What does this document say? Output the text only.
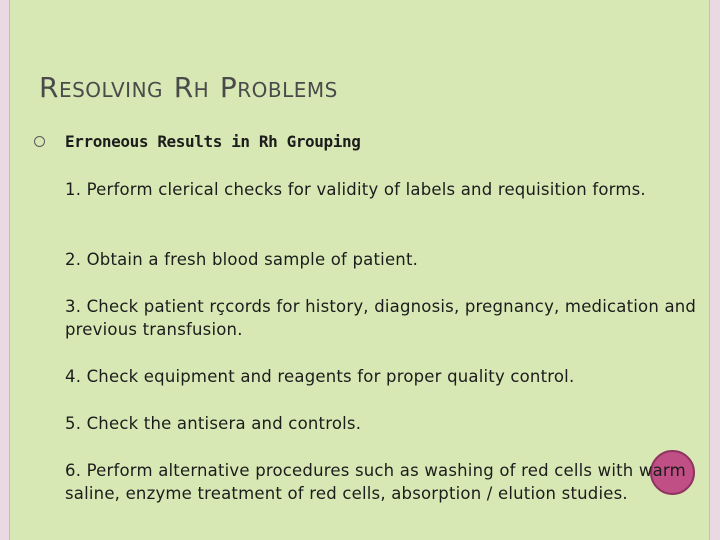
RESOLVING RH PROBLEMS
Erroneous Results in Rh Grouping
1. Perform clerical checks for validity of labels and requisition forms.
2. Obtain a fresh blood sample of patient.
3. Check patient rçcords for history, diagnosis, pregnancy, medication and previous transfusion.
4. Check equipment and reagents for proper quality control.
5. Check the antisera and controls.
6. Perform alternative procedures such as washing of red cells with warm saline, enzyme treatment of red cells, absorption / elution studies.
